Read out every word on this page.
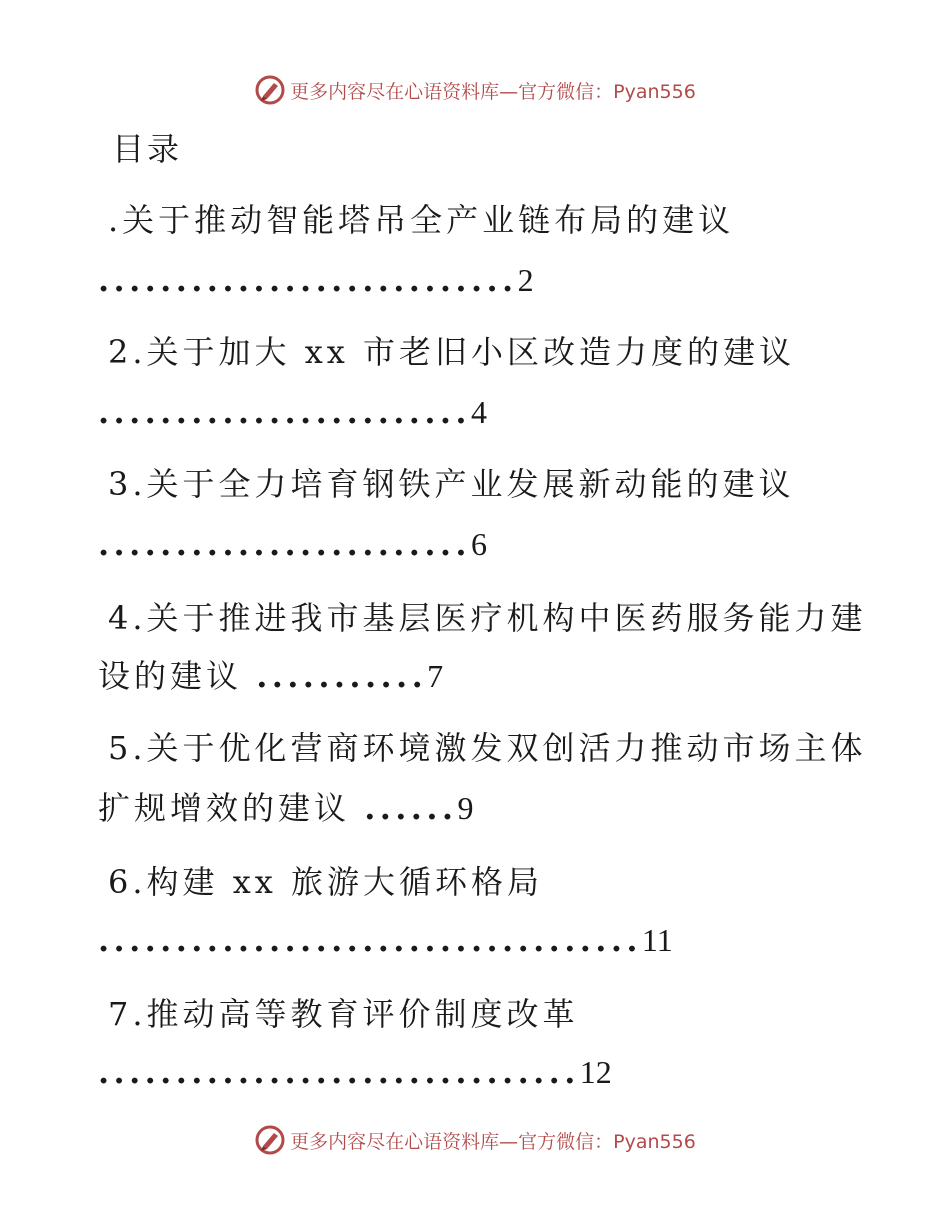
更多内容尽在心语资料库—官方微信：Pyan556
目录
.关于推动智能塔吊全产业链布局的建议
...........................2
2.关于加大 xx 市老旧小区改造力度的建议
........................4
3.关于全力培育钢铁产业发展新动能的建议
........................6
4.关于推进我市基层医疗机构中医药服务能力建
设的建议 ...........7
5.关于优化营商环境激发双创活力推动市场主体
扩规增效的建议 ......9
6.构建 xx 旅游大循环格局
...................................11
7.推动高等教育评价制度改革
...............................12
更多内容尽在心语资料库—官方微信：Pyan556
